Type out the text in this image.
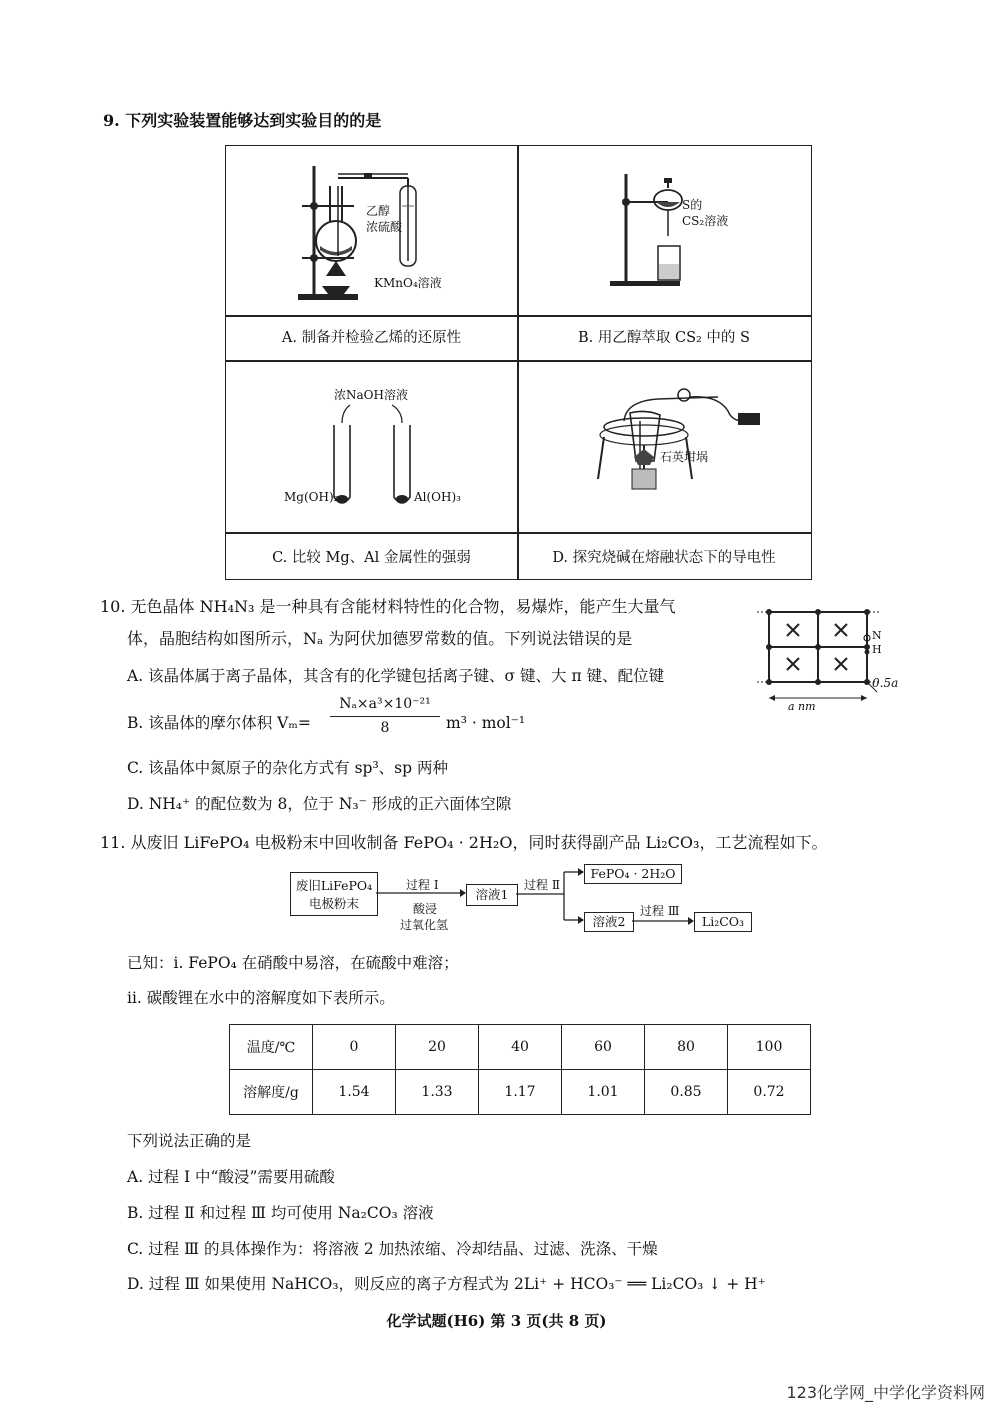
9. 下列实验装置能够达到实验目的的是
乙醇
浓硫酸
KMnO₄溶液
A. 制备并检验乙烯的还原性
S的
CS₂溶液
B. 用乙醇萃取 CS₂ 中的 S
浓NaOH溶液
Mg(OH)₂	Al(OH)₃
C. 比较 Mg、Al 金属性的强弱
石英坩埚
D. 探究烧碱在熔融状态下的导电性
10. 无色晶体 NH₄N₃ 是一种具有含能材料特性的化合物，易爆炸，能产生大量气
体，晶胞结构如图所示，Nₐ 为阿伏加德罗常数的值。下列说法错误的是
A. 该晶体属于离子晶体，其含有的化学键包括离子键、σ 键、大 π 键、配位键
B. 该晶体的摩尔体积 Vₘ=
Nₐ×a³×10⁻²¹
8	m³ · mol⁻¹
C. 该晶体中氮原子的杂化方式有 sp³、sp 两种
D. NH₄⁺ 的配位数为 8，位于 N₃⁻ 形成的正六面体空隙
N
H
0.5a
a nm
11. 从废旧 LiFePO₄ 电极粉末中回收制备 FePO₄ · 2H₂O，同时获得副产品 Li₂CO₃，工艺流程如下。
废旧LiFePO₄
电极粉末
过程 Ⅰ
酸浸
过氧化氢
溶液1
过程 Ⅱ
FePO₄ · 2H₂O
溶液2
过程 Ⅲ
Li₂CO₃
已知：ⅰ. FePO₄ 在硝酸中易溶，在硫酸中难溶；
ⅱ. 碳酸锂在水中的溶解度如下表所示。
温度/℃	0	20	40	60	80	100
溶解度/g	1.54	1.33	1.17	1.01	0.85	0.72
下列说法正确的是
A. 过程 Ⅰ 中“酸浸”需要用硫酸
B. 过程 Ⅱ 和过程 Ⅲ 均可使用 Na₂CO₃ 溶液
C. 过程 Ⅲ 的具体操作为：将溶液 2 加热浓缩、冷却结晶、过滤、洗涤、干燥
D. 过程 Ⅲ 如果使用 NaHCO₃，则反应的离子方程式为 2Li⁺ + HCO₃⁻ ══ Li₂CO₃ ↓ + H⁺
化学试题(H6) 第 3 页(共 8 页)
123化学网_中学化学资料网
